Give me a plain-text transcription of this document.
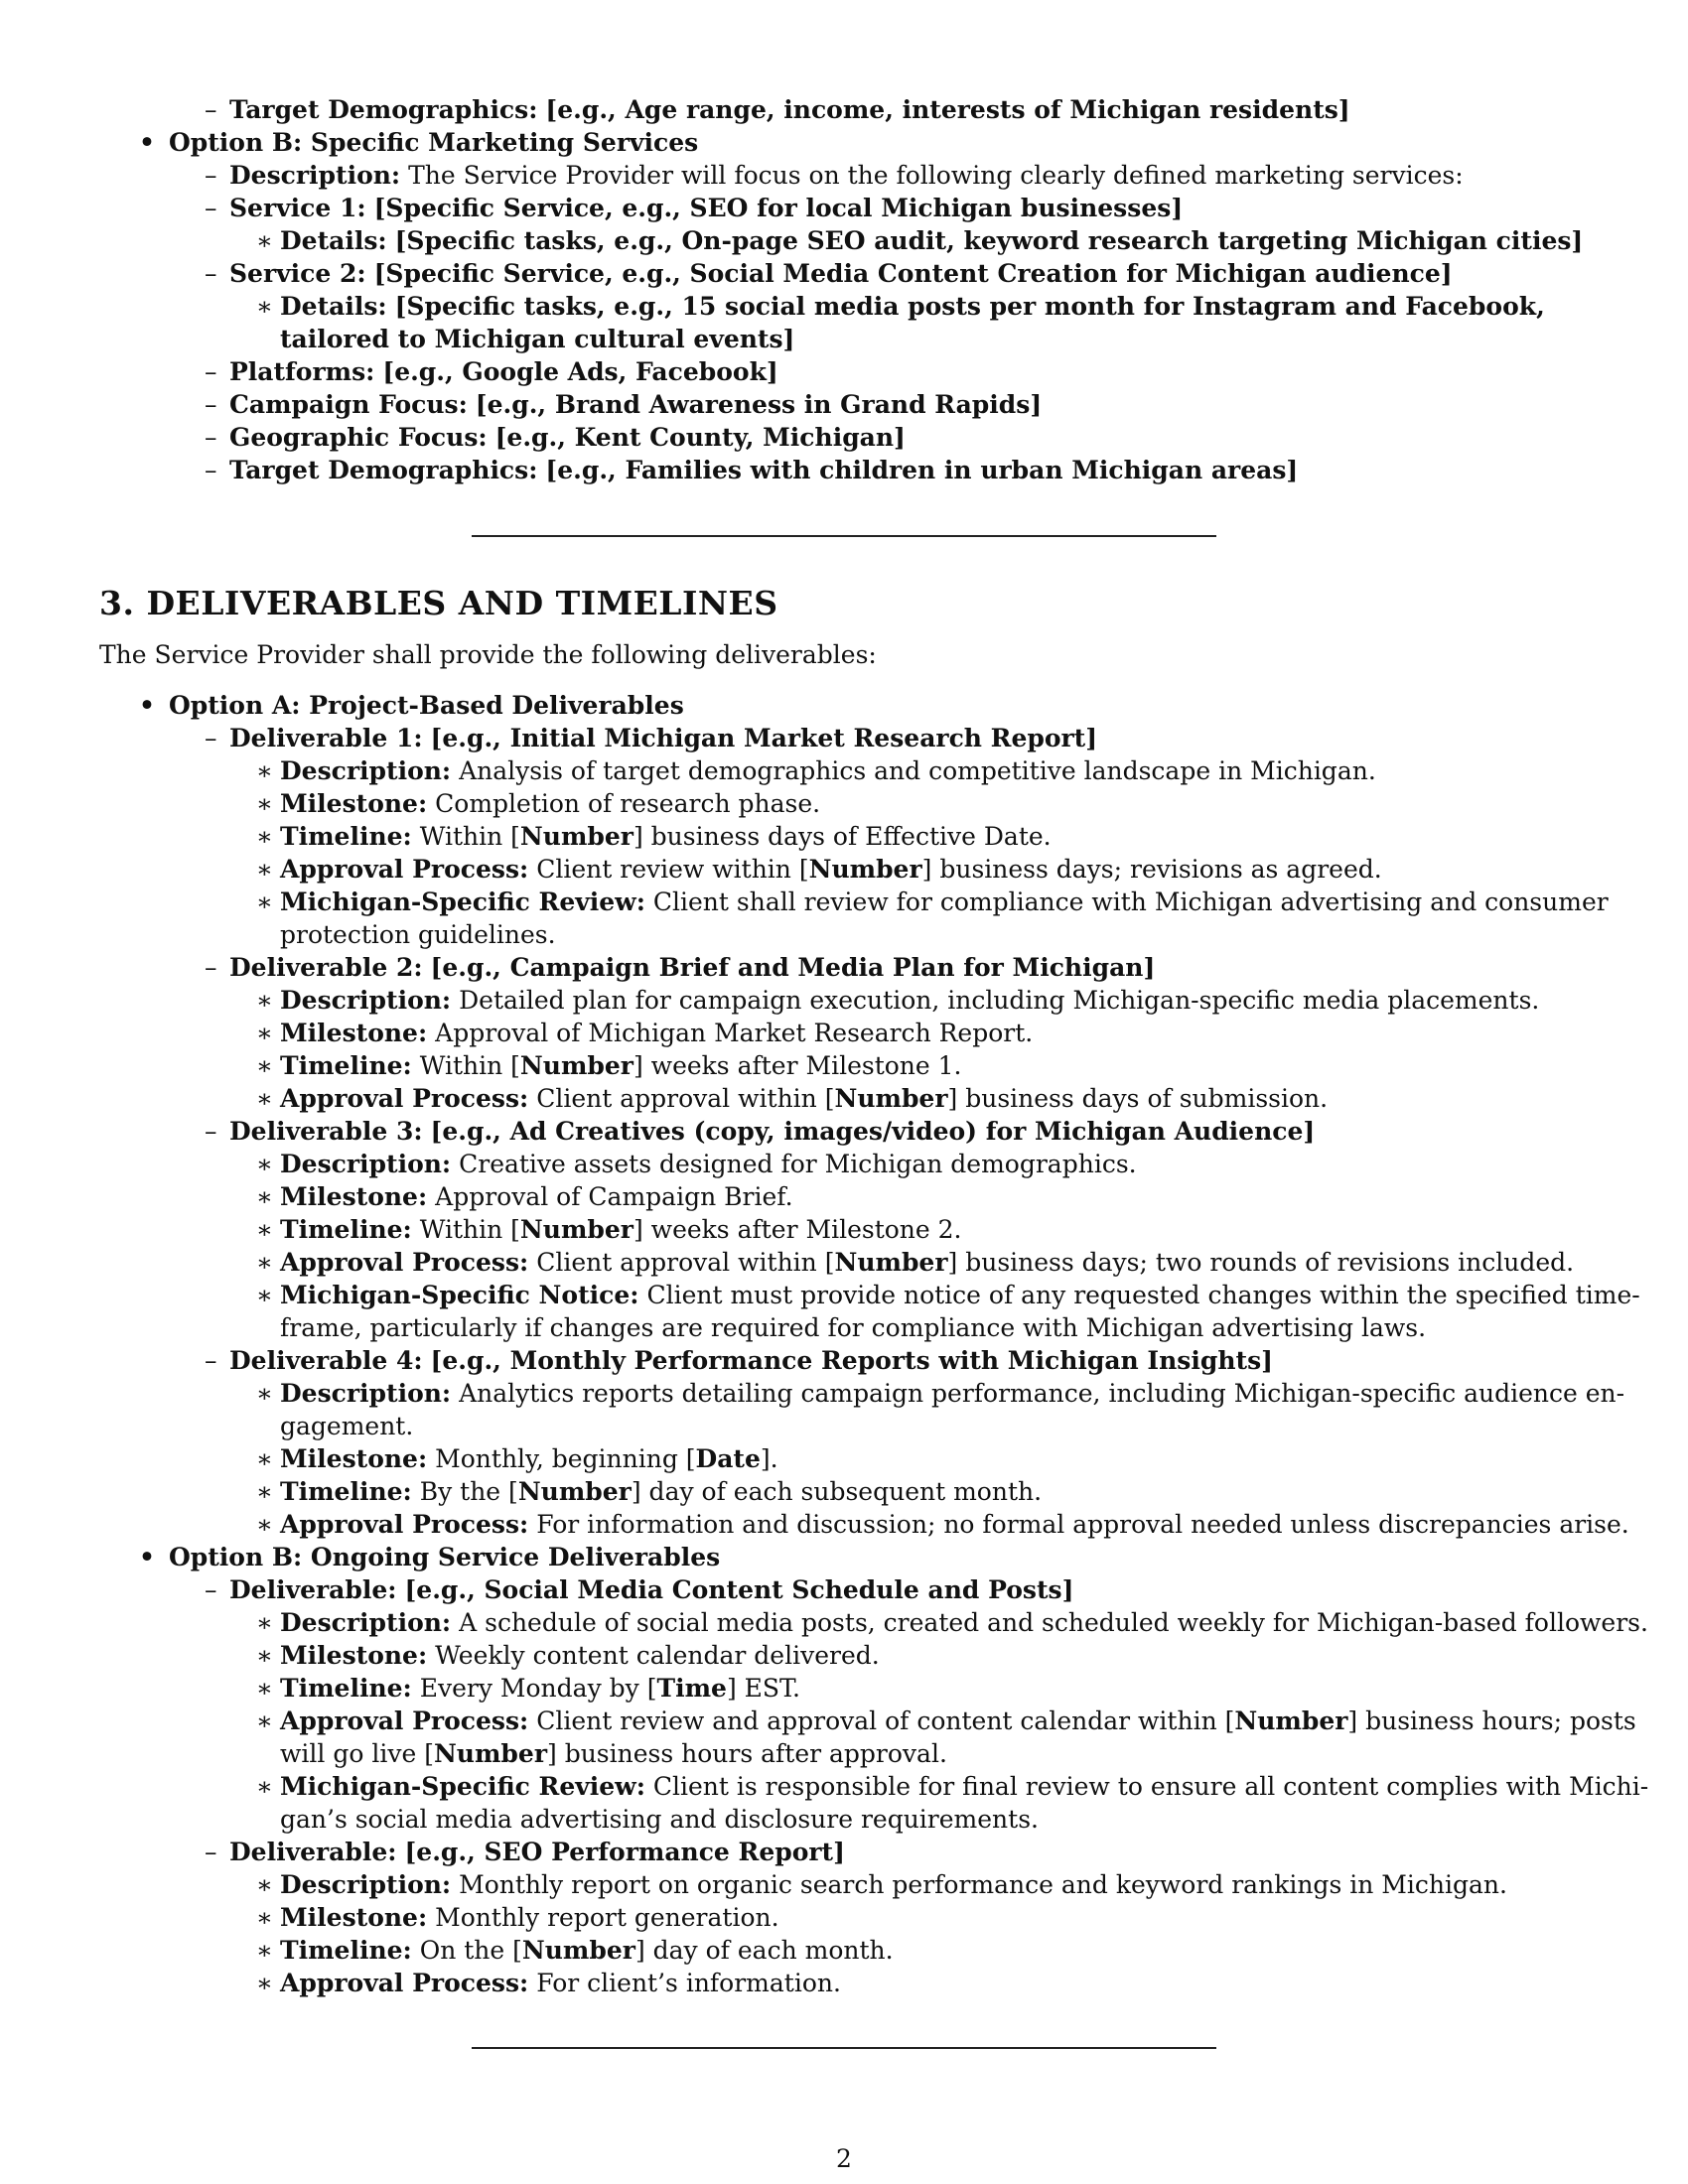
– Target Demographics: [e.g., Age range, income, interests of Michigan residents]
• Option B: Specific Marketing Services
– Description: The Service Provider will focus on the following clearly defined marketing services:
– Service 1: [Specific Service, e.g., SEO for local Michigan businesses]
∗ Details: [Specific tasks, e.g., On-page SEO audit, keyword research targeting Michigan cities]
– Service 2: [Specific Service, e.g., Social Media Content Creation for Michigan audience]
∗ Details: [Specific tasks, e.g., 15 social media posts per month for Instagram and Facebook,
tailored to Michigan cultural events]
– Platforms: [e.g., Google Ads, Facebook]
– Campaign Focus: [e.g., Brand Awareness in Grand Rapids]
– Geographic Focus: [e.g., Kent County, Michigan]
– Target Demographics: [e.g., Families with children in urban Michigan areas]
3. DELIVERABLES AND TIMELINES
The Service Provider shall provide the following deliverables:
• Option A: Project-Based Deliverables
– Deliverable 1: [e.g., Initial Michigan Market Research Report]
∗ Description: Analysis of target demographics and competitive landscape in Michigan.
∗ Milestone: Completion of research phase.
∗ Timeline: Within [Number] business days of Effective Date.
∗ Approval Process: Client review within [Number] business days; revisions as agreed.
∗ Michigan-Specific Review: Client shall review for compliance with Michigan advertising and consumer
protection guidelines.
– Deliverable 2: [e.g., Campaign Brief and Media Plan for Michigan]
∗ Description: Detailed plan for campaign execution, including Michigan-specific media placements.
∗ Milestone: Approval of Michigan Market Research Report.
∗ Timeline: Within [Number] weeks after Milestone 1.
∗ Approval Process: Client approval within [Number] business days of submission.
– Deliverable 3: [e.g., Ad Creatives (copy, images/video) for Michigan Audience]
∗ Description: Creative assets designed for Michigan demographics.
∗ Milestone: Approval of Campaign Brief.
∗ Timeline: Within [Number] weeks after Milestone 2.
∗ Approval Process: Client approval within [Number] business days; two rounds of revisions included.
∗ Michigan-Specific Notice: Client must provide notice of any requested changes within the specified time-
frame, particularly if changes are required for compliance with Michigan advertising laws.
– Deliverable 4: [e.g., Monthly Performance Reports with Michigan Insights]
∗ Description: Analytics reports detailing campaign performance, including Michigan-specific audience en-
gagement.
∗ Milestone: Monthly, beginning [Date].
∗ Timeline: By the [Number] day of each subsequent month.
∗ Approval Process: For information and discussion; no formal approval needed unless discrepancies arise.
• Option B: Ongoing Service Deliverables
– Deliverable: [e.g., Social Media Content Schedule and Posts]
∗ Description: A schedule of social media posts, created and scheduled weekly for Michigan-based followers.
∗ Milestone: Weekly content calendar delivered.
∗ Timeline: Every Monday by [Time] EST.
∗ Approval Process: Client review and approval of content calendar within [Number] business hours; posts
will go live [Number] business hours after approval.
∗ Michigan-Specific Review: Client is responsible for final review to ensure all content complies with Michi-
gan’s social media advertising and disclosure requirements.
– Deliverable: [e.g., SEO Performance Report]
∗ Description: Monthly report on organic search performance and keyword rankings in Michigan.
∗ Milestone: Monthly report generation.
∗ Timeline: On the [Number] day of each month.
∗ Approval Process: For client’s information.
2
